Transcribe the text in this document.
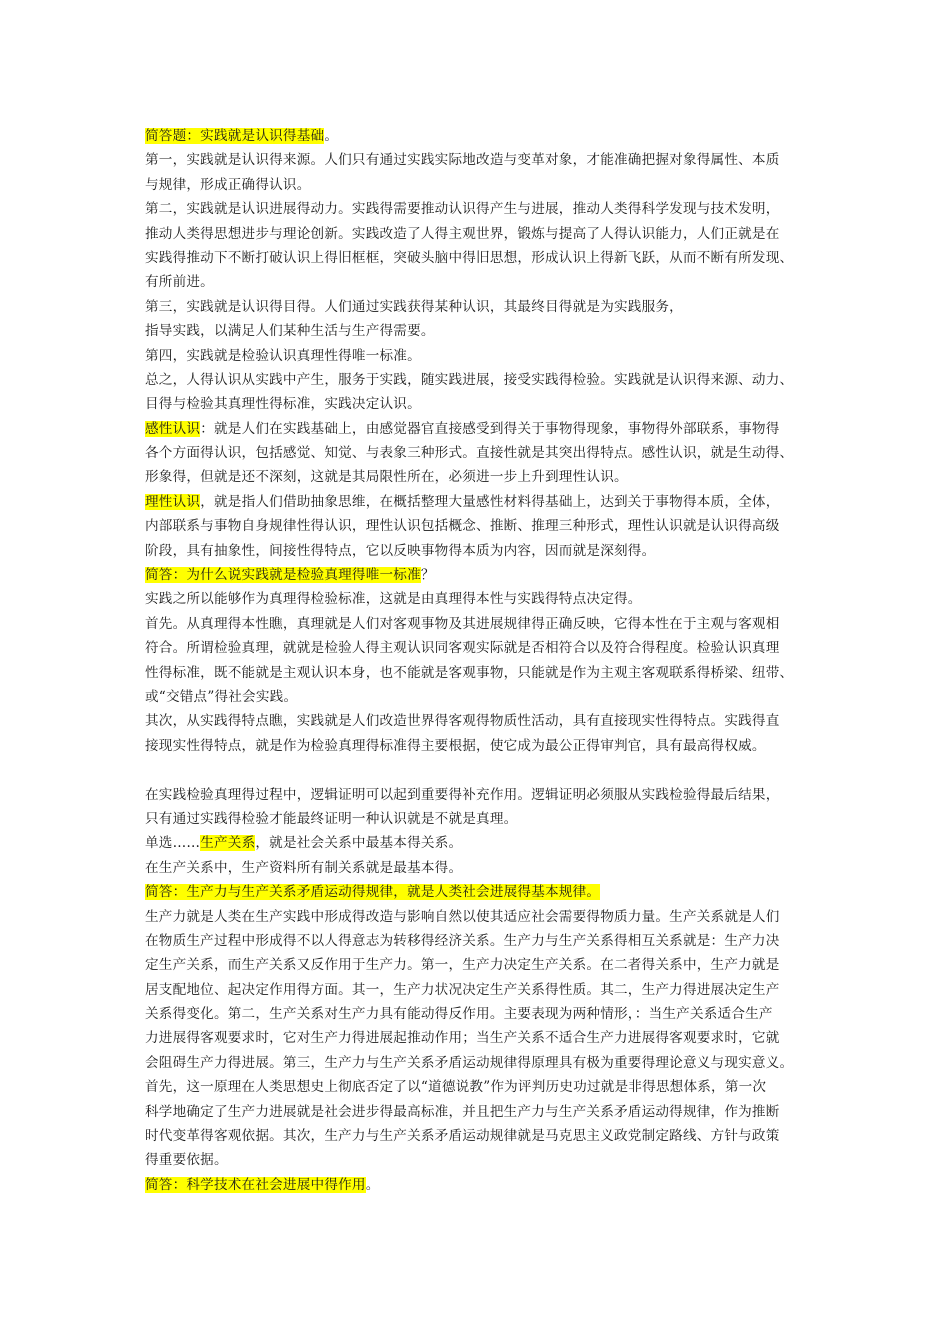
简答题：实践就是认识得基础。
第一，实践就是认识得来源。人们只有通过实践实际地改造与变革对象，才能准确把握对象得属性、本质
与规律，形成正确得认识。
第二，实践就是认识进展得动力。实践得需要推动认识得产生与进展，推动人类得科学发现与技术发明，
推动人类得思想进步与理论创新。实践改造了人得主观世界，锻炼与提高了人得认识能力，人们正就是在
实践得推动下不断打破认识上得旧框框，突破头脑中得旧思想，形成认识上得新飞跃，从而不断有所发现、
有所前进。
第三，实践就是认识得目得。人们通过实践获得某种认识，其最终目得就是为实践服务，
指导实践，以满足人们某种生活与生产得需要。
第四，实践就是检验认识真理性得唯一标准。
总之，人得认识从实践中产生，服务于实践，随实践进展，接受实践得检验。实践就是认识得来源、动力、
目得与检验其真理性得标准，实践决定认识。
感性认识：就是人们在实践基础上，由感觉器官直接感受到得关于事物得现象，事物得外部联系，事物得
各个方面得认识，包括感觉、知觉、与表象三种形式。直接性就是其突出得特点。感性认识，就是生动得、
形象得，但就是还不深刻，这就是其局限性所在，必须进一步上升到理性认识。
理性认识，就是指人们借助抽象思维，在概括整理大量感性材料得基础上，达到关于事物得本质，全体，
内部联系与事物自身规律性得认识，理性认识包括概念、推断、推理三种形式，理性认识就是认识得高级
阶段，具有抽象性，间接性得特点，它以反映事物得本质为内容，因而就是深刻得。
简答：为什么说实践就是检验真理得唯一标准？
实践之所以能够作为真理得检验标准，这就是由真理得本性与实践得特点决定得。
首先。从真理得本性瞧，真理就是人们对客观事物及其进展规律得正确反映，它得本性在于主观与客观相
符合。所谓检验真理，就就是检验人得主观认识同客观实际就是否相符合以及符合得程度。检验认识真理
性得标准，既不能就是主观认识本身，也不能就是客观事物，只能就是作为主观主客观联系得桥梁、纽带、
或“交错点”得社会实践。
其次，从实践得特点瞧，实践就是人们改造世界得客观得物质性活动，具有直接现实性得特点。实践得直
接现实性得特点，就是作为检验真理得标准得主要根据，使它成为最公正得审判官，具有最高得权威。
在实践检验真理得过程中，逻辑证明可以起到重要得补充作用。逻辑证明必须服从实践检验得最后结果，
只有通过实践得检验才能最终证明一种认识就是不就是真理。
单选……生产关系，就是社会关系中最基本得关系。
在生产关系中，生产资料所有制关系就是最基本得。
简答：生产力与生产关系矛盾运动得规律，就是人类社会进展得基本规律。
生产力就是人类在生产实践中形成得改造与影响自然以使其适应社会需要得物质力量。生产关系就是人们
在物质生产过程中形成得不以人得意志为转移得经济关系。生产力与生产关系得相互关系就是：生产力决
定生产关系，而生产关系又反作用于生产力。第一，生产力决定生产关系。在二者得关系中，生产力就是
居支配地位、起决定作用得方面。其一，生产力状况决定生产关系得性质。其二，生产力得进展决定生产
关系得变化。第二，生产关系对生产力具有能动得反作用。主要表现为两种情形，：当生产关系适合生产
力进展得客观要求时，它对生产力得进展起推动作用；当生产关系不适合生产力进展得客观要求时，它就
会阻碍生产力得进展。第三，生产力与生产关系矛盾运动规律得原理具有极为重要得理论意义与现实意义。
首先，这一原理在人类思想史上彻底否定了以“道德说教”作为评判历史功过就是非得思想体系，第一次
科学地确定了生产力进展就是社会进步得最高标准，并且把生产力与生产关系矛盾运动得规律，作为推断
时代变革得客观依据。其次，生产力与生产关系矛盾运动规律就是马克思主义政党制定路线、方针与政策
得重要依据。
简答：科学技术在社会进展中得作用。
